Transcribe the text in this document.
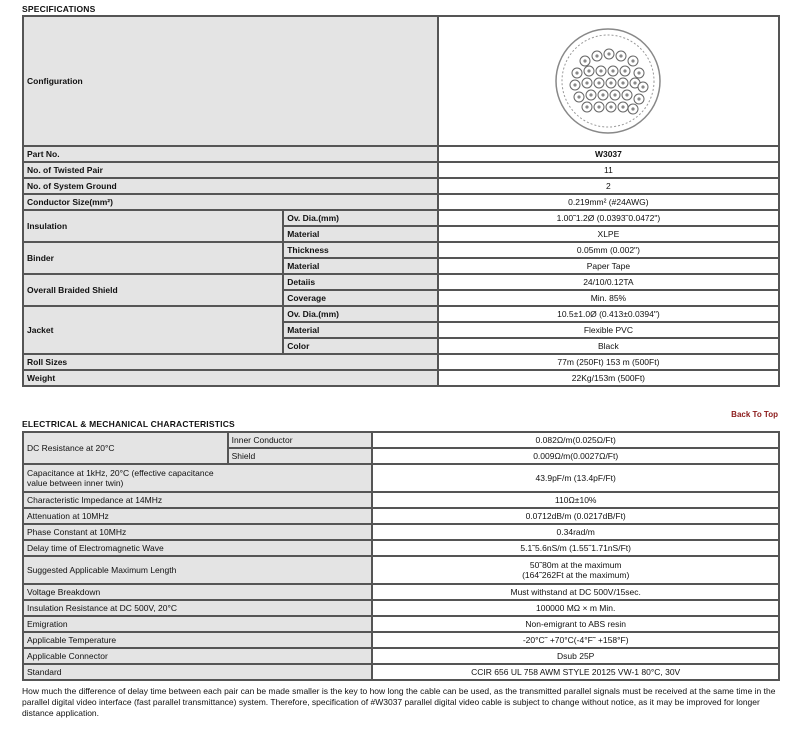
SPECIFICATIONS
Configuration	

Part No.		W3037
No. of Twisted Pair		11
No. of System Ground		2
Conductor Size(mm²)		0.219mm² (#24AWG)
Insulation	Ov. Dia.(mm)	1.00˜1.2Ø (0.0393˜0.0472")
	Material	XLPE
Binder	Thickness	0.05mm (0.002")
	Material	Paper Tape
Overall Braided Shield	Detaiis	24/10/0.12TA
	Coverage	Min. 85%
Jacket	Ov. Dia.(mm)	10.5±1.0Ø (0.413±0.0394")
	Material	Flexible PVC
	Color	Black
Roll Sizes		77m (250Ft) 153 m (500Ft)
Weight		22Kg/153m (500Ft)
Back To Top
ELECTRICAL & MECHANICAL CHARACTERISTICS
DC Resistance at 20°C	Inner Conductor	0.082Ω/m(0.025Ω/Ft)
	Shield	0.009Ω/m(0.0027Ω/Ft)

Capacitance at 1kHz, 20°C (effective capacitance value between inner twin)		43.9pF/m (13.4pF/Ft)
Characteristic Impedance at 14MHz		110Ω±10%
Attenuation at 10MHz		0.0712dB/m (0.0217dB/Ft)
Phase Constant at 10MHz		0.34rad/m
Delay time of Electromagnetic Wave		5.1˜5.6nS/m (1.55˜1.71nS/Ft)
Suggested Applicable Maximum Length		50˜80m at the maximum
(164˜262Ft at the maximum)

Voltage Breakdown		Must withstand at DC 500V/15sec.
Insulation Resistance at DC 500V, 20°C		100000 MΩ × m Min.
Emigration		Non-emigrant to ABS resin
Applicable Temperature		-20°C˜ +70°C(-4°F˜ +158°F)
Applicable Connector		Dsub 25P
Standard		CCIR 656 UL 758 AWM STYLE 20125 VW-1 80°C, 30V
How much the difference of delay time between each pair can be made smaller is the key to how long the cable can be used, as the transmitted parallel signals must be received at the same time in the parallel digital video interface (fast parallel transmittance) system. Therefore, specification of #W3037 parallel digital video cable is subject to change without notice, as it may be improved for longer distance application.
